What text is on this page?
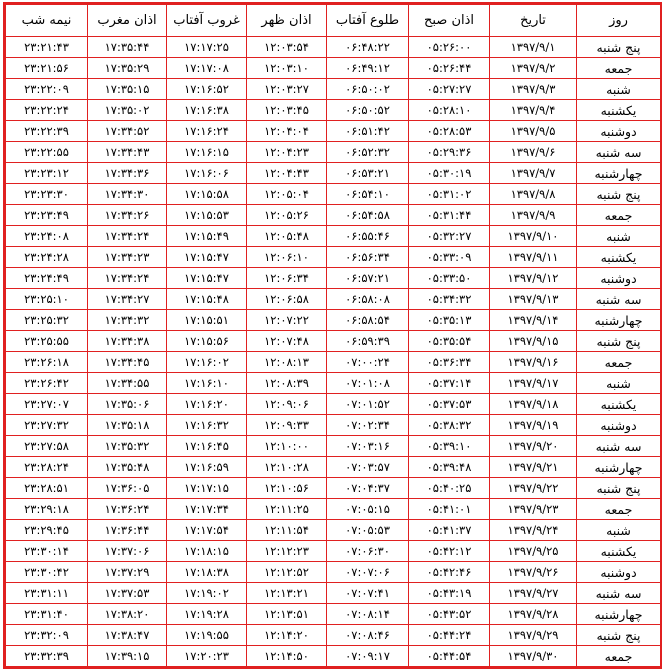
روز	تاریخ	اذان صبح	طلوع آفتاب	اذان ظهر	غروب آفتاب	اذان مغرب	نیمه شب
پنج شنبه	۱۳۹۷/۹/۱	۰۵:۲۶:۰۰	۰۶:۴۸:۲۲	۱۲:۰۳:۵۴	۱۷:۱۷:۲۵	۱۷:۳۵:۴۴	۲۳:۲۱:۴۳
جمعه	۱۳۹۷/۹/۲	۰۵:۲۶:۴۴	۰۶:۴۹:۱۲	۱۲:۰۳:۱۰	۱۷:۱۷:۰۸	۱۷:۳۵:۲۹	۲۳:۲۱:۵۶
شنبه	۱۳۹۷/۹/۳	۰۵:۲۷:۲۷	۰۶:۵۰:۰۲	۱۲:۰۳:۲۷	۱۷:۱۶:۵۲	۱۷:۳۵:۱۵	۲۳:۲۲:۰۹
یکشنبه	۱۳۹۷/۹/۴	۰۵:۲۸:۱۰	۰۶:۵۰:۵۲	۱۲:۰۳:۴۵	۱۷:۱۶:۳۸	۱۷:۳۵:۰۲	۲۳:۲۲:۲۴
دوشنبه	۱۳۹۷/۹/۵	۰۵:۲۸:۵۳	۰۶:۵۱:۴۲	۱۲:۰۴:۰۴	۱۷:۱۶:۲۴	۱۷:۳۴:۵۲	۲۳:۲۲:۳۹
سه شنبه	۱۳۹۷/۹/۶	۰۵:۲۹:۳۶	۰۶:۵۲:۳۲	۱۲:۰۴:۲۳	۱۷:۱۶:۱۵	۱۷:۳۴:۴۳	۲۳:۲۲:۵۵
چهارشنبه	۱۳۹۷/۹/۷	۰۵:۳۰:۱۹	۰۶:۵۳:۲۱	۱۲:۰۴:۴۳	۱۷:۱۶:۰۶	۱۷:۳۴:۳۶	۲۳:۲۳:۱۲
پنج شنبه	۱۳۹۷/۹/۸	۰۵:۳۱:۰۲	۰۶:۵۴:۱۰	۱۲:۰۵:۰۴	۱۷:۱۵:۵۸	۱۷:۳۴:۳۰	۲۳:۲۳:۳۰
جمعه	۱۳۹۷/۹/۹	۰۵:۳۱:۴۴	۰۶:۵۴:۵۸	۱۲:۰۵:۲۶	۱۷:۱۵:۵۳	۱۷:۳۴:۲۶	۲۳:۲۳:۴۹
شنبه	۱۳۹۷/۹/۱۰	۰۵:۳۲:۲۷	۰۶:۵۵:۴۶	۱۲:۰۵:۴۸	۱۷:۱۵:۴۹	۱۷:۳۴:۲۴	۲۳:۲۴:۰۸
یکشنبه	۱۳۹۷/۹/۱۱	۰۵:۳۳:۰۹	۰۶:۵۶:۳۴	۱۲:۰۶:۱۰	۱۷:۱۵:۴۷	۱۷:۳۴:۲۳	۲۳:۲۴:۲۸
دوشنبه	۱۳۹۷/۹/۱۲	۰۵:۳۳:۵۰	۰۶:۵۷:۲۱	۱۲:۰۶:۳۴	۱۷:۱۵:۴۷	۱۷:۳۴:۲۴	۲۳:۲۴:۴۹
سه شنبه	۱۳۹۷/۹/۱۳	۰۵:۳۴:۳۲	۰۶:۵۸:۰۸	۱۲:۰۶:۵۸	۱۷:۱۵:۴۸	۱۷:۳۴:۲۷	۲۳:۲۵:۱۰
چهارشنبه	۱۳۹۷/۹/۱۴	۰۵:۳۵:۱۳	۰۶:۵۸:۵۴	۱۲:۰۷:۲۲	۱۷:۱۵:۵۱	۱۷:۳۴:۳۲	۲۳:۲۵:۳۲
پنج شنبه	۱۳۹۷/۹/۱۵	۰۵:۳۵:۵۴	۰۶:۵۹:۳۹	۱۲:۰۷:۴۸	۱۷:۱۵:۵۶	۱۷:۳۴:۳۸	۲۳:۲۵:۵۵
جمعه	۱۳۹۷/۹/۱۶	۰۵:۳۶:۳۴	۰۷:۰۰:۲۴	۱۲:۰۸:۱۳	۱۷:۱۶:۰۲	۱۷:۳۴:۴۵	۲۳:۲۶:۱۸
شنبه	۱۳۹۷/۹/۱۷	۰۵:۳۷:۱۴	۰۷:۰۱:۰۸	۱۲:۰۸:۳۹	۱۷:۱۶:۱۰	۱۷:۳۴:۵۵	۲۳:۲۶:۴۲
یکشنبه	۱۳۹۷/۹/۱۸	۰۵:۳۷:۵۳	۰۷:۰۱:۵۲	۱۲:۰۹:۰۶	۱۷:۱۶:۲۰	۱۷:۳۵:۰۶	۲۳:۲۷:۰۷
دوشنبه	۱۳۹۷/۹/۱۹	۰۵:۳۸:۳۲	۰۷:۰۲:۳۴	۱۲:۰۹:۳۳	۱۷:۱۶:۳۲	۱۷:۳۵:۱۸	۲۳:۲۷:۳۲
سه شنبه	۱۳۹۷/۹/۲۰	۰۵:۳۹:۱۰	۰۷:۰۳:۱۶	۱۲:۱۰:۰۰	۱۷:۱۶:۴۵	۱۷:۳۵:۳۲	۲۳:۲۷:۵۸
چهارشنبه	۱۳۹۷/۹/۲۱	۰۵:۳۹:۴۸	۰۷:۰۳:۵۷	۱۲:۱۰:۲۸	۱۷:۱۶:۵۹	۱۷:۳۵:۴۸	۲۳:۲۸:۲۴
پنج شنبه	۱۳۹۷/۹/۲۲	۰۵:۴۰:۲۵	۰۷:۰۴:۳۷	۱۲:۱۰:۵۶	۱۷:۱۷:۱۵	۱۷:۳۶:۰۵	۲۳:۲۸:۵۱
جمعه	۱۳۹۷/۹/۲۳	۰۵:۴۱:۰۱	۰۷:۰۵:۱۵	۱۲:۱۱:۲۵	۱۷:۱۷:۳۴	۱۷:۳۶:۲۴	۲۳:۲۹:۱۸
شنبه	۱۳۹۷/۹/۲۴	۰۵:۴۱:۳۷	۰۷:۰۵:۵۳	۱۲:۱۱:۵۴	۱۷:۱۷:۵۴	۱۷:۳۶:۴۴	۲۳:۲۹:۴۵
یکشنبه	۱۳۹۷/۹/۲۵	۰۵:۴۲:۱۲	۰۷:۰۶:۳۰	۱۲:۱۲:۲۳	۱۷:۱۸:۱۵	۱۷:۳۷:۰۶	۲۳:۳۰:۱۴
دوشنبه	۱۳۹۷/۹/۲۶	۰۵:۴۲:۴۶	۰۷:۰۷:۰۶	۱۲:۱۲:۵۲	۱۷:۱۸:۳۸	۱۷:۳۷:۲۹	۲۳:۳۰:۴۲
سه شنبه	۱۳۹۷/۹/۲۷	۰۵:۴۳:۱۹	۰۷:۰۷:۴۱	۱۲:۱۳:۲۱	۱۷:۱۹:۰۲	۱۷:۳۷:۵۳	۲۳:۳۱:۱۱
چهارشنبه	۱۳۹۷/۹/۲۸	۰۵:۴۳:۵۲	۰۷:۰۸:۱۴	۱۲:۱۳:۵۱	۱۷:۱۹:۲۸	۱۷:۳۸:۲۰	۲۳:۳۱:۴۰
پنج شنبه	۱۳۹۷/۹/۲۹	۰۵:۴۴:۲۴	۰۷:۰۸:۴۶	۱۲:۱۴:۲۰	۱۷:۱۹:۵۵	۱۷:۳۸:۴۷	۲۳:۳۲:۰۹
جمعه	۱۳۹۷/۹/۳۰	۰۵:۴۴:۵۴	۰۷:۰۹:۱۷	۱۲:۱۴:۵۰	۱۷:۲۰:۲۳	۱۷:۳۹:۱۵	۲۳:۳۲:۳۹
